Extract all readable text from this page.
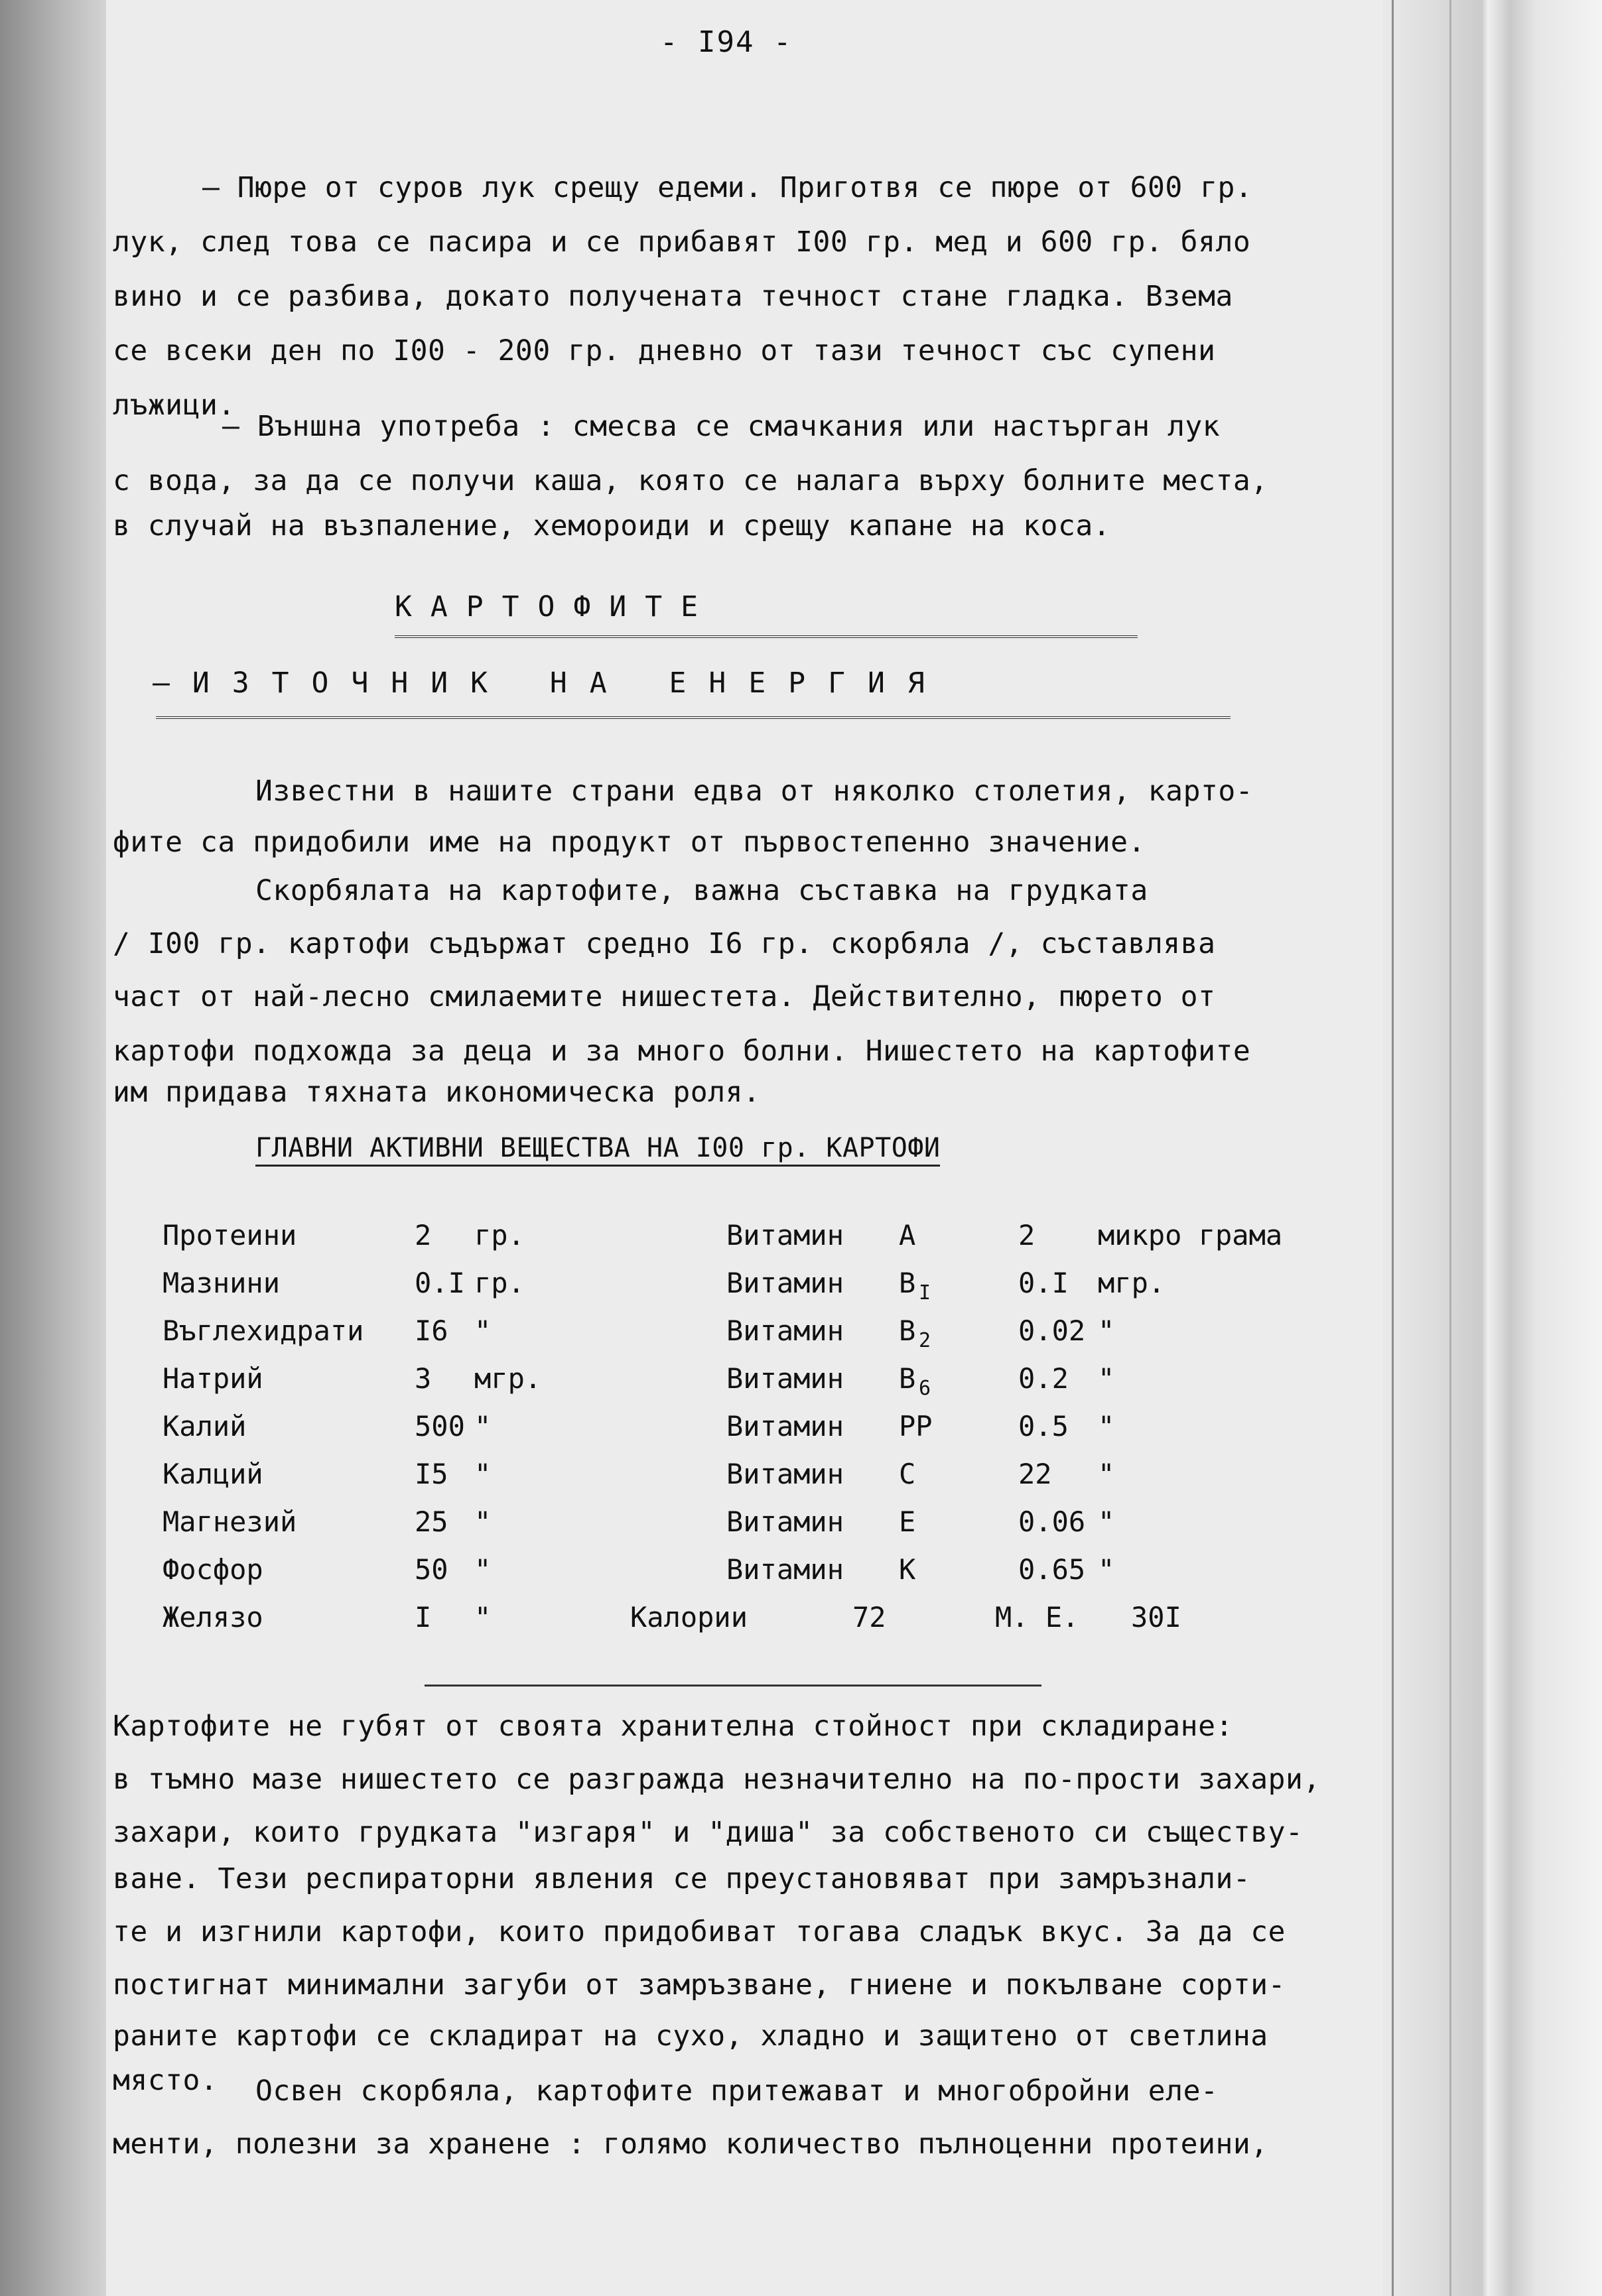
- I94 -
– Пюре от суров лук срещу едеми. Приготвя се пюре от 600 гр.
лук, след това се пасира и се прибавят I00 гр. мед и 600 гр. бяло
вино и се разбива, докато получената течност стане гладка. Взема
се всеки ден по I00 - 200 гр. дневно от тази течност със супени
лъжици.
– Външна употреба : смесва се смачкания или настърган лук
с вода, за да се получи каша, която се налага върху болните места,
в случай на възпаление, хемороиди и срещу капане на коса.
КАРТОФИТЕ
–ИЗТОЧНИК НА ЕНЕРГИЯ
Известни в нашите страни едва от няколко столетия, карто-
фите са придобили име на продукт от първостепенно значение.
Скорбялата на картофите, важна съставка на грудката
/ I00 гр. картофи съдържат средно I6 гр. скорбяла /, съставлява
част от най-лесно смилаемите нишестета. Действително, пюрето от
картофи подхожда за деца и за много болни. Нишестето на картофите
им придава тяхната икономическа роля.
ГЛАВНИ АКТИВНИ ВЕЩЕСТВА НА I00 гр. КАРТОФИ
Протеини	2 гр.	Витамин A	2 микро грама
Мазнини	0.I гр.	Витамин B I	0.I мгр.
Въглехидрати I6 "	Витамин B 2	0.02 "
Натрий	3 мгр.	Витамин B 6	0.2 "
Калий	500 "	Витамин PP	0.5 "
Калций	I5 "	Витамин C	22 "
Магнезий	25 "	Витамин E	0.06 "
Фосфор	50 "	Витамин K	0.65 "
Желязо	I "	Калории	72	М. Е. 30I
Картофите не губят от своята хранителна стойност при складиране:
в тъмно мазе нишестето се разгражда незначително на по-прости захари,
захари, които грудката "изгаря" и "диша" за собственото си съществу-
ване. Тези респираторни явления се преустановяват при замръзнали-
те и изгнили картофи, които придобиват тогава сладък вкус. За да се
постигнат минимални загуби от замръзване, гниене и покълване сорти-
раните картофи се складират на сухо, хладно и защитено от светлина
място. Освен скорбяла, картофите притежават и многобройни еле-
менти, полезни за хранене : голямо количество пълноценни протеини,
